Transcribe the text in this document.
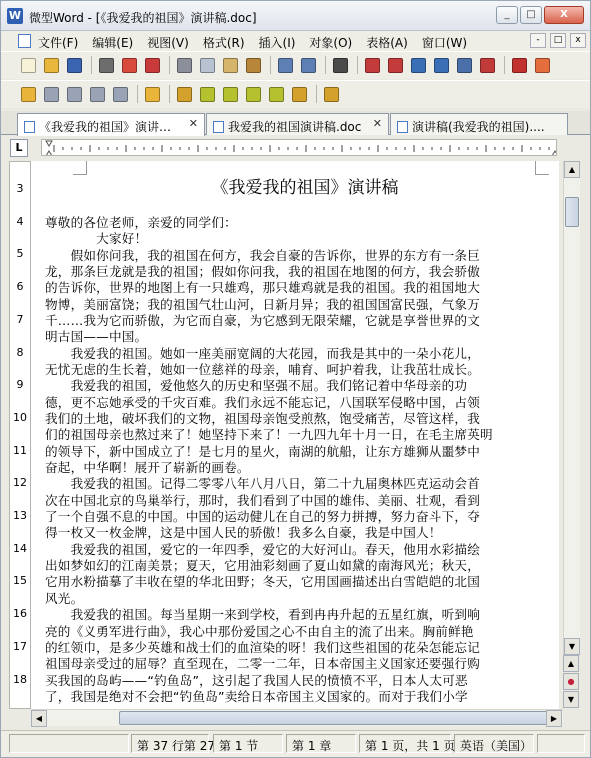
W 微型Word - [《我爱我的祖国》演讲稿.doc]	_	□	X
文件(F) 编辑(E) 视图(V) 格式(R) 插入(I) 对象(O) 表格(A) 窗口(W)	-	□	x
《我爱我的祖国》演讲… ✕	我爱我的祖国演讲稿.doc ✕	演讲稿(我爱我的祖国)....
L
3
4
5
6
7
8
9
10
11
12
13
14
15
16
17
18
《我爱我的祖国》演讲稿
尊敬的各位老师，亲爱的同学们：
　　　　大家好！
　　假如你问我，我的祖国在何方，我会自豪的告诉你，世界的东方有一条巨
龙，那条巨龙就是我的祖国；假如你问我，我的祖国在地图的何方，我会骄傲
的告诉你，世界的地图上有一只雄鸡，那只雄鸡就是我的祖国。我的祖国地大
物博，美丽富饶；我的祖国气壮山河，日新月异；我的祖国国富民强，气象万
千……我为它而骄傲，为它而自豪，为它感到无限荣耀，它就是享誉世界的文
明古国——中国。
　　我爱我的祖国。她如一座美丽宽阔的大花园，而我是其中的一朵小花儿，
无忧无虑的生长着，她如一位慈祥的母亲，哺育、呵护着我，让我茁壮成长。
　　我爱我的祖国，爱他悠久的历史和坚强不屈。我们铭记着中华母亲的功
德，更不忘她承受的千灾百难。我们永远不能忘记，八国联军侵略中国，占领
我们的土地，破坏我们的文物，祖国母亲饱受煎熬，饱受痛苦，尽管这样，我
们的祖国母亲也熬过来了！她坚持下来了！一九四九年十月一日，在毛主席英明
的领导下，新中国成立了！是七月的星火，南湖的航船，让东方雄狮从噩梦中
奋起，中华啊！展开了崭新的画卷。
　　我爱我的祖国。记得二零零八年八月八日，第二十九届奥林匹克运动会首
次在中国北京的鸟巢举行，那时，我们看到了中国的雄伟、美丽、壮观，看到
了一个自强不息的中国。中国的运动健儿在自己的努力拼搏，努力奋斗下，夺
得一枚又一枚金牌，这是中国人民的骄傲！我多么自豪，我是中国人！
　　我爱我的祖国，爱它的一年四季，爱它的大好河山。春天，他用水彩描绘
出如梦如幻的江南美景；夏天，它用油彩刻画了夏山如黛的南海风光；秋天，
它用水粉描摹了丰收在望的华北田野；冬天，它用国画描述出白雪皑皑的北国
风光。
　　我爱我的祖国。每当星期一来到学校，看到冉冉升起的五星红旗，听到响
亮的《义勇军进行曲》，我心中那份爱国之心不由自主的流了出来。胸前鲜艳
的红领巾，是多少英雄和战士们的血渲染的呀！我们这些祖国的花朵怎能忘记
祖国母亲受过的屈辱？直至现在，二零一二年，日本帝国主义国家还要强行购
买我国的岛屿——“钓鱼岛”，这引起了我国人民的愤愤不平，日本人太可恶
了，我国是绝对不会把“钓鱼岛”卖给日本帝国主义国家的。而对于我们小学
▲
▼
▲
●
▼
◀	▶
第 37 行第 27 第 1 节	第 1 章	第 1 页，共 1 页 英语（美国）
